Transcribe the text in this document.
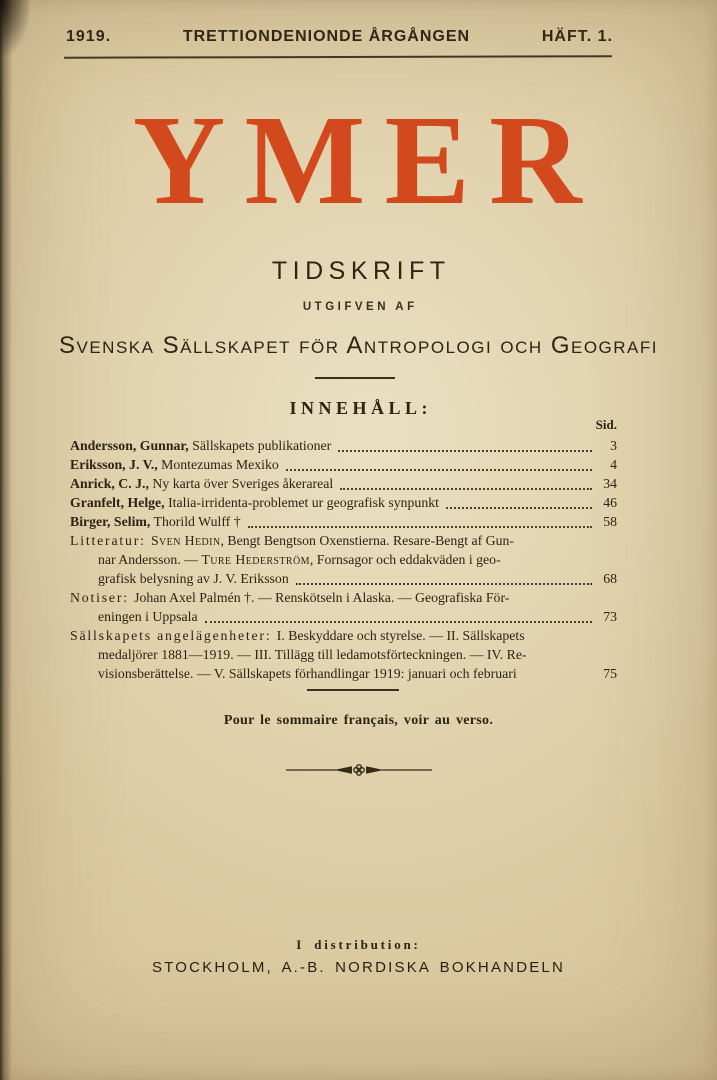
1919.	TRETTIONDENIONDE ÅRGÅNGEN	HÄFT. 1.
YMER
TIDSKRIFT
UTGIFVEN AF
Svenska Sällskapet för Antropologi och Geografi
INNEHÅLL:
Sid.
Andersson, Gunnar, Sällskapets publikationer	3
Eriksson, J. V., Montezumas Mexiko	4
Anrick, C. J., Ny karta över Sveriges åkerareal	34
Granfelt, Helge, Italia-irridenta-problemet ur geografisk synpunkt	46
Birger, Selim, Thorild Wulff †	58
Litteratur: Sven Hedin, Bengt Bengtson Oxenstierna. Resare-Bengt af Gun-
nar Andersson. — Ture Hederström, Fornsagor och eddakväden i geo-
grafisk belysning av J. V. Eriksson	68
Notiser: Johan Axel Palmén †. — Renskötseln i Alaska. — Geografiska För-
eningen i Uppsala	73
Sällskapets angelägenheter: I. Beskyddare och styrelse. — II. Sällskapets
medaljörer 1881—1919. — III. Tillägg till ledamotsförteckningen. — IV. Re-
visionsberättelse. — V. Sällskapets förhandlingar 1919: januari och februari	75
Pour le sommaire français, voir au verso.
I distribution:
STOCKHOLM, A.-B. NORDISKA BOKHANDELN
